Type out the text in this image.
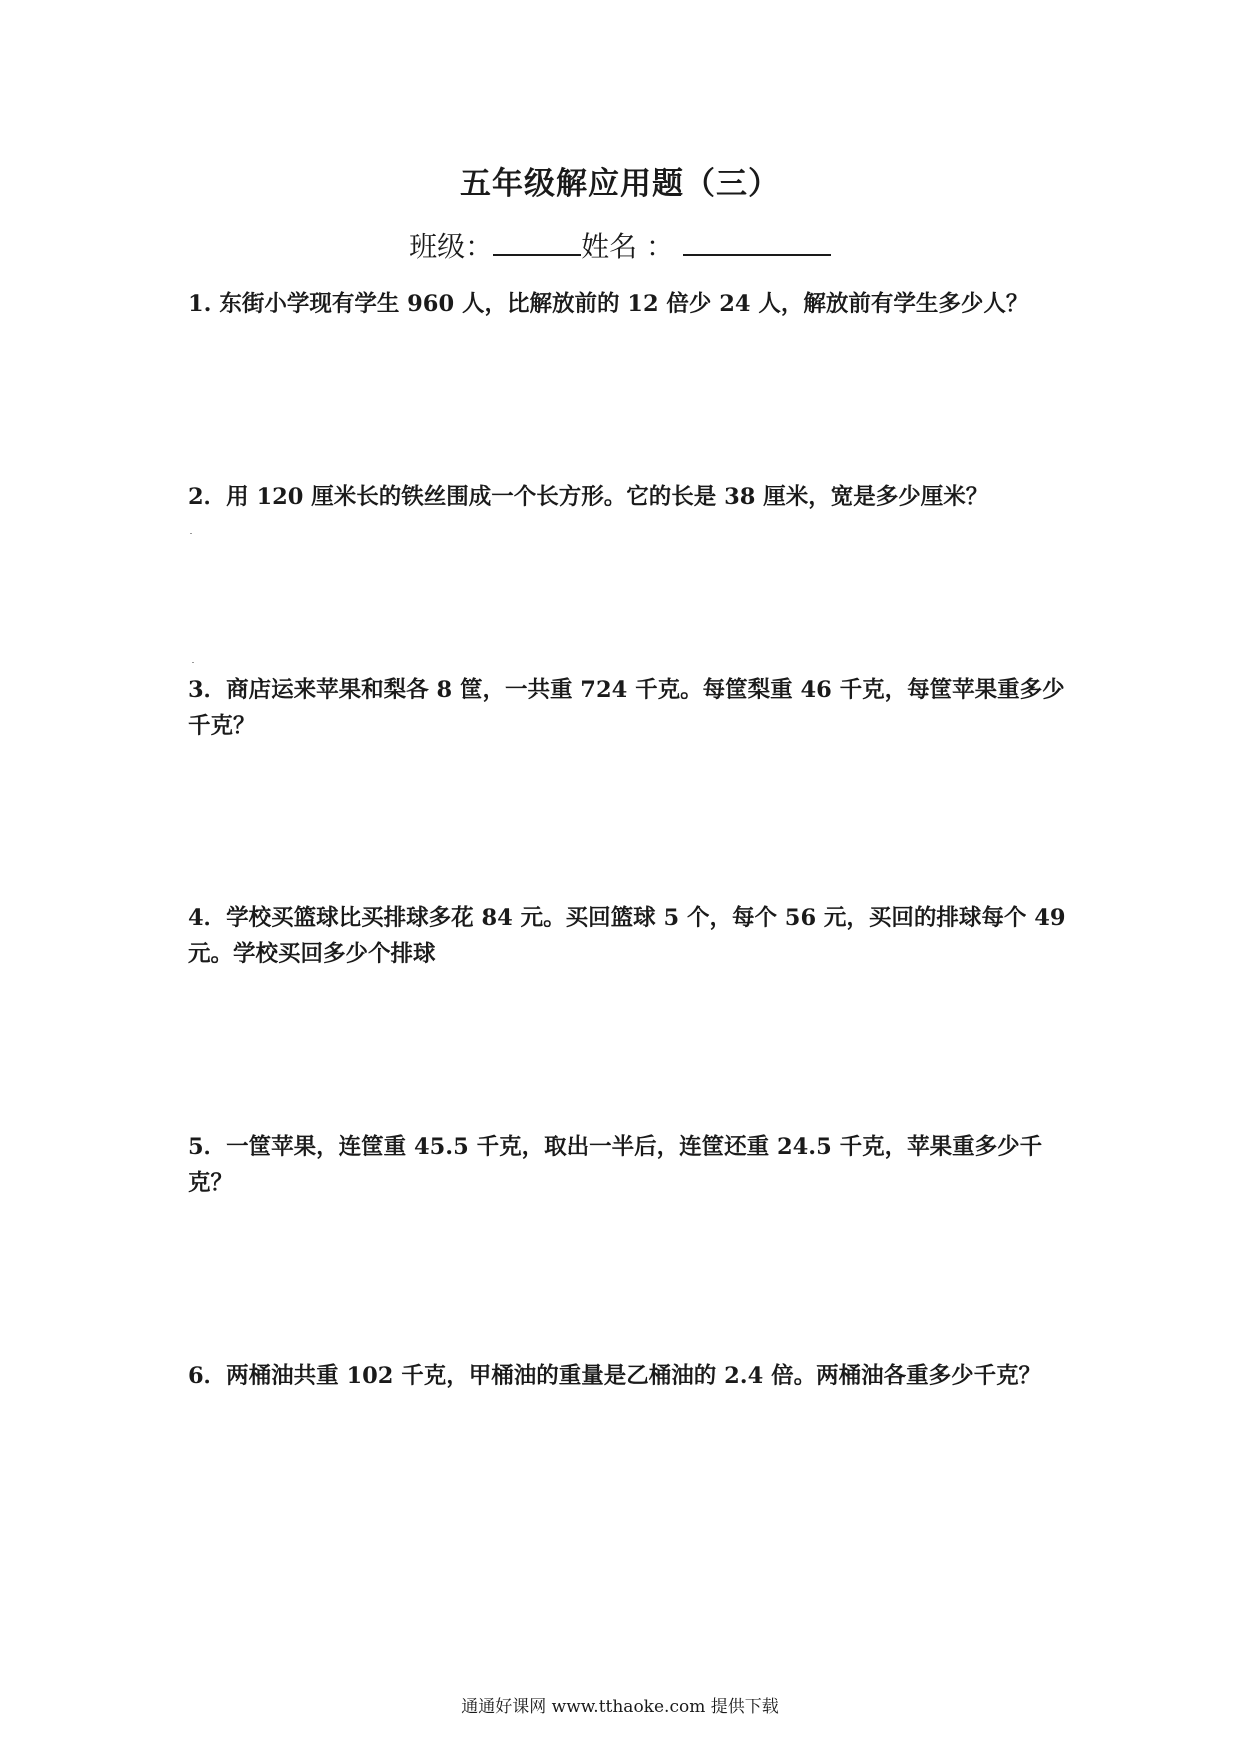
五年级解应用题（三）
班级：	姓名 ：
1. 东街小学现有学生 960 人，比解放前的 12 倍少 24 人，解放前有学生多少人？
2．用 120 厘米长的铁丝围成一个长方形。它的长是 38 厘米，宽是多少厘米？
3．商店运来苹果和梨各 8 筐，一共重 724 千克。每筐梨重 46 千克，每筐苹果重多少千克？
4．学校买篮球比买排球多花 84 元。买回篮球 5 个，每个 56 元，买回的排球每个 49 元。学校买回多少个排球
5．一筐苹果，连筐重 45.5 千克，取出一半后，连筐还重 24.5 千克，苹果重多少千克？
6．两桶油共重 102 千克，甲桶油的重量是乙桶油的 2.4 倍。两桶油各重多少千克？
通通好课网 www.tthaoke.com 提供下载
